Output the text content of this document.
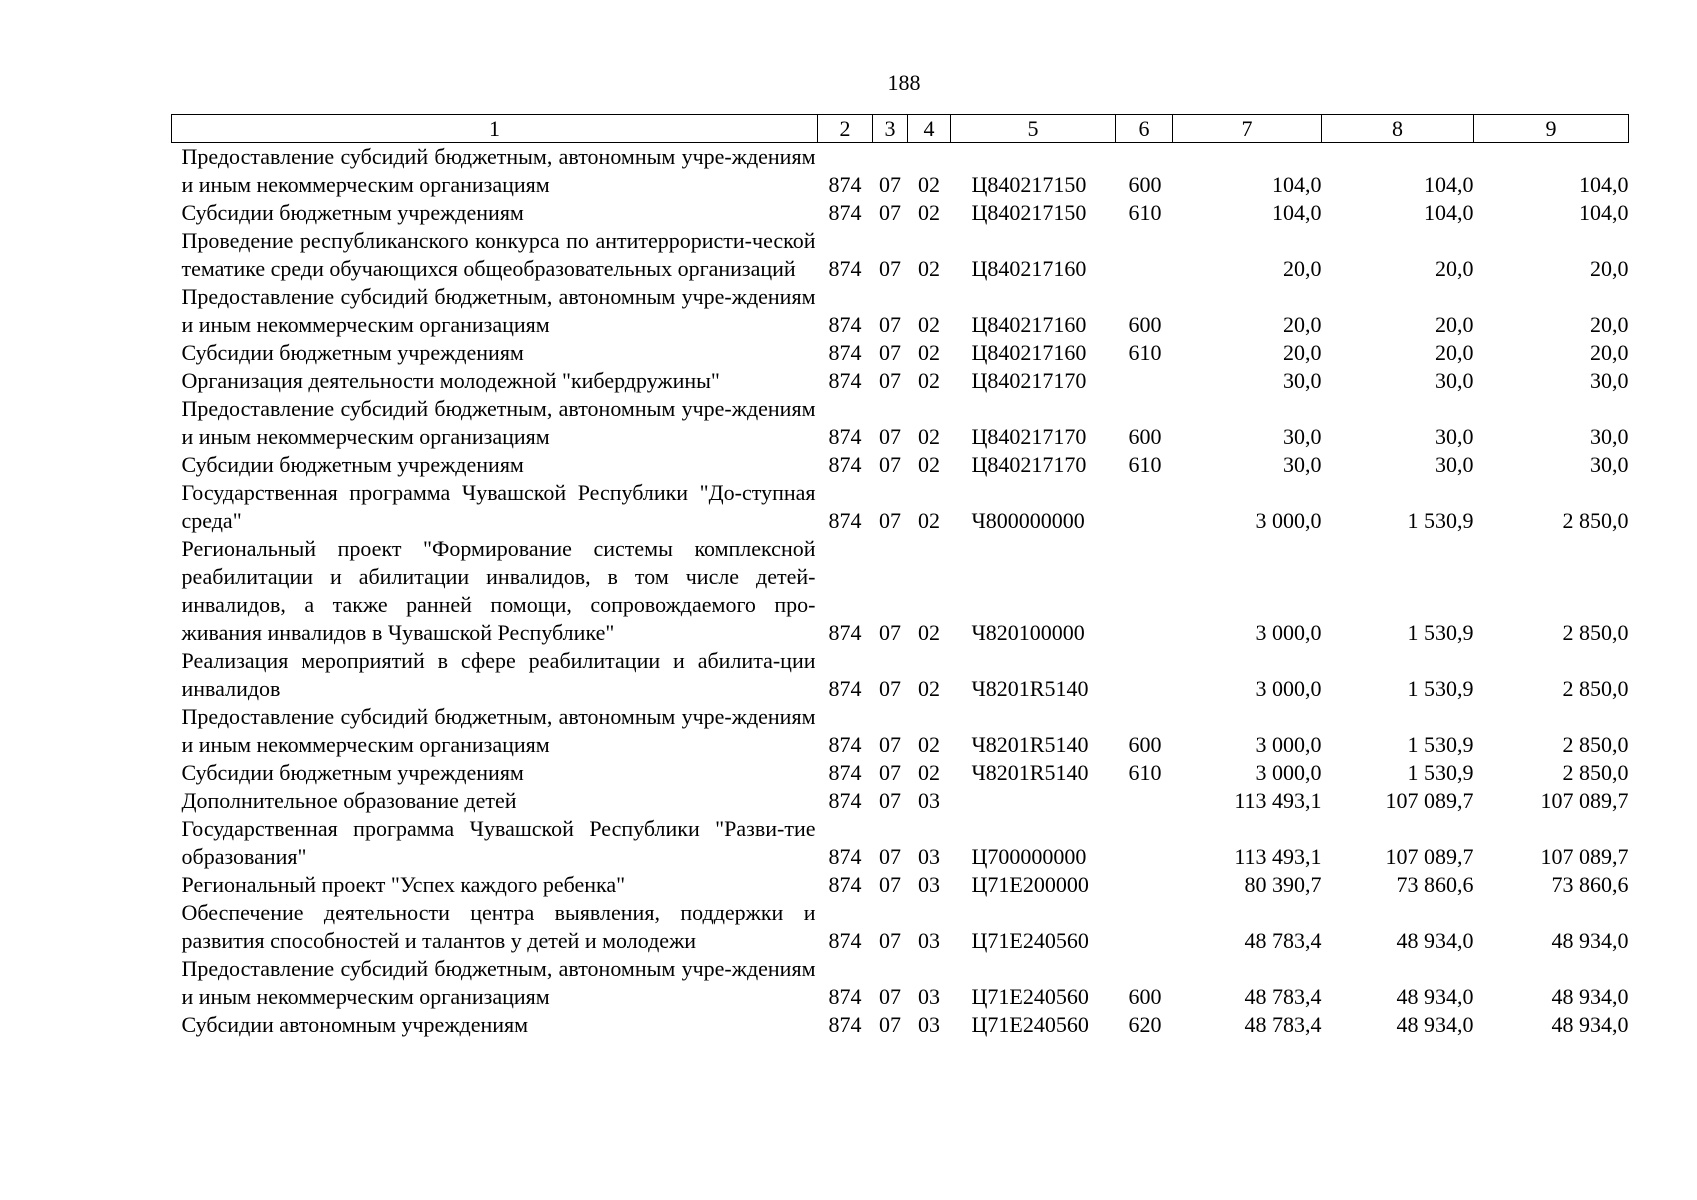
188
1	2	3	4	5	6	7	8	9
Предоставление субсидий бюджетным, автономным учре-ждениям и иным некоммерческим организациям	874	07	02	Ц840217150	600	104,0	104,0	104,0
Субсидии бюджетным учреждениям	874	07	02	Ц840217150	610	104,0	104,0	104,0
Проведение республиканского конкурса по антитеррористи-ческой тематике среди обучающихся общеобразовательных организаций	874	07	02	Ц840217160		20,0	20,0	20,0
Предоставление субсидий бюджетным, автономным учре-ждениям и иным некоммерческим организациям	874	07	02	Ц840217160	600	20,0	20,0	20,0
Субсидии бюджетным учреждениям	874	07	02	Ц840217160	610	20,0	20,0	20,0
Организация деятельности молодежной "кибердружины"	874	07	02	Ц840217170		30,0	30,0	30,0
Предоставление субсидий бюджетным, автономным учре-ждениям и иным некоммерческим организациям	874	07	02	Ц840217170	600	30,0	30,0	30,0
Субсидии бюджетным учреждениям	874	07	02	Ц840217170	610	30,0	30,0	30,0
Государственная программа Чувашской Республики "До-ступная среда"	874	07	02	Ч800000000		3 000,0	1 530,9	2 850,0
Региональный проект "Формирование системы комплексной реабилитации и абилитации инвалидов, в том числе детей-инвалидов, а также ранней помощи, сопровождаемого про-живания инвалидов в Чувашской Республике"	874	07	02	Ч820100000		3 000,0	1 530,9	2 850,0
Реализация мероприятий в сфере реабилитации и абилита-ции инвалидов	874	07	02	Ч8201R5140		3 000,0	1 530,9	2 850,0
Предоставление субсидий бюджетным, автономным учре-ждениям и иным некоммерческим организациям	874	07	02	Ч8201R5140	600	3 000,0	1 530,9	2 850,0
Субсидии бюджетным учреждениям	874	07	02	Ч8201R5140	610	3 000,0	1 530,9	2 850,0
Дополнительное образование детей	874	07	03			113 493,1	107 089,7	107 089,7
Государственная программа Чувашской Республики "Разви-тие образования"	874	07	03	Ц700000000		113 493,1	107 089,7	107 089,7
Региональный проект "Успех каждого ребенка"	874	07	03	Ц71Е200000		80 390,7	73 860,6	73 860,6
Обеспечение деятельности центра выявления, поддержки и развития способностей и талантов у детей и молодежи	874	07	03	Ц71Е240560		48 783,4	48 934,0	48 934,0
Предоставление субсидий бюджетным, автономным учре-ждениям и иным некоммерческим организациям	874	07	03	Ц71Е240560	600	48 783,4	48 934,0	48 934,0
Субсидии автономным учреждениям	874	07	03	Ц71Е240560	620	48 783,4	48 934,0	48 934,0
